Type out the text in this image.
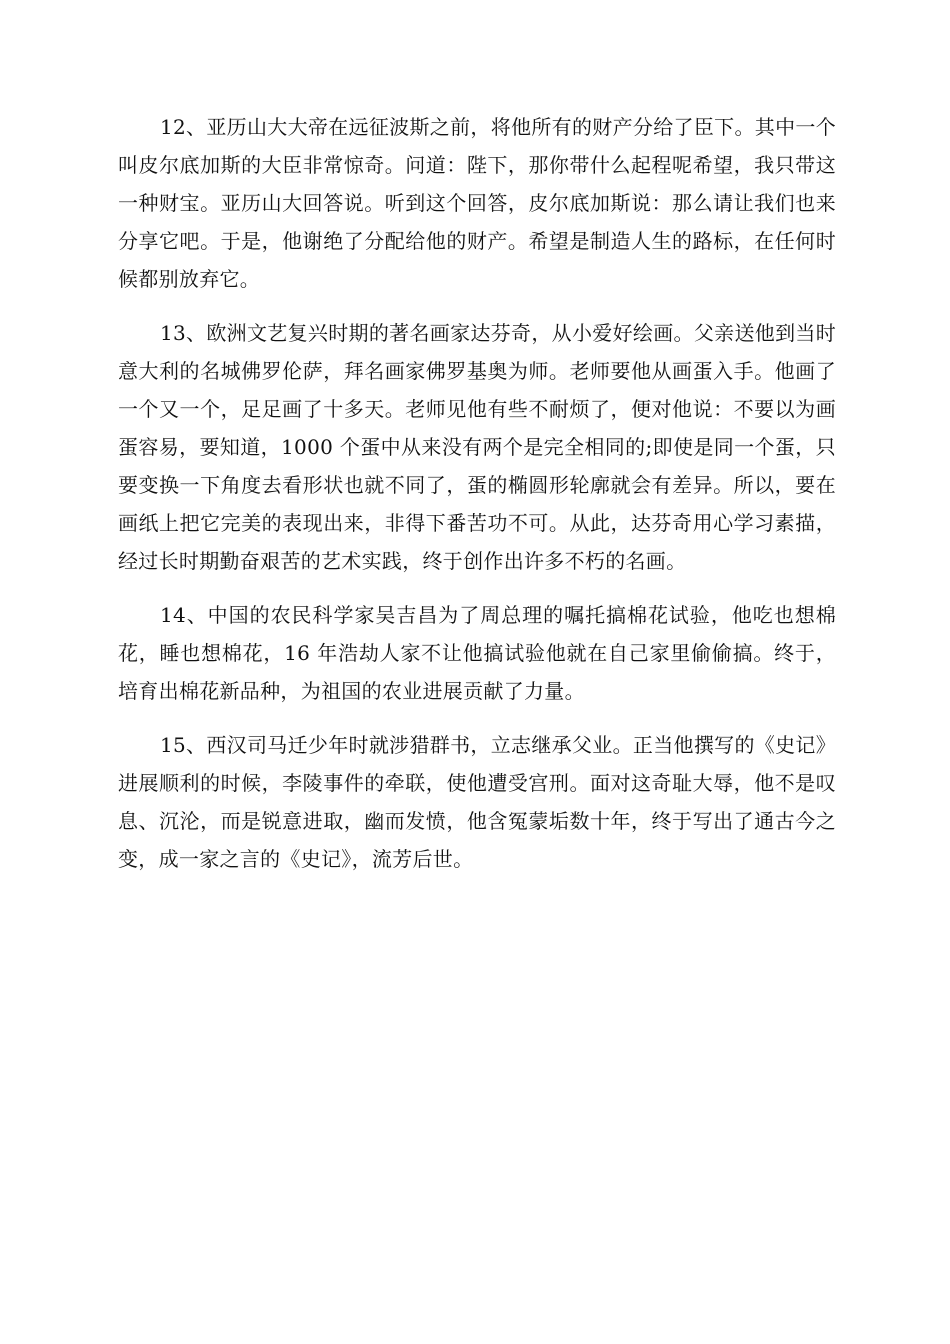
12、亚历山大大帝在远征波斯之前，将他所有的财产分给了臣下。其中一个叫皮尔底加斯的大臣非常惊奇。问道：陛下，那你带什么起程呢希望，我只带这一种财宝。亚历山大回答说。听到这个回答，皮尔底加斯说：那么请让我们也来分享它吧。于是，他谢绝了分配给他的财产。希望是制造人生的路标，在任何时候都别放弃它。

13、欧洲文艺复兴时期的著名画家达芬奇，从小爱好绘画。父亲送他到当时意大利的名城佛罗伦萨，拜名画家佛罗基奥为师。老师要他从画蛋入手。他画了一个又一个，足足画了十多天。老师见他有些不耐烦了，便对他说：不要以为画蛋容易，要知道，1000 个蛋中从来没有两个是完全相同的;即使是同一个蛋，只要变换一下角度去看形状也就不同了，蛋的椭圆形轮廓就会有差异。所以，要在画纸上把它完美的表现出来，非得下番苦功不可。从此，达芬奇用心学习素描，经过长时期勤奋艰苦的艺术实践，终于创作出许多不朽的名画。

14、中国的农民科学家吴吉昌为了周总理的嘱托搞棉花试验，他吃也想棉花，睡也想棉花，16 年浩劫人家不让他搞试验他就在自己家里偷偷搞。终于，培育出棉花新品种，为祖国的农业进展贡献了力量。

15、西汉司马迁少年时就涉猎群书，立志继承父业。正当他撰写的《史记》进展顺利的时候，李陵事件的牵联，使他遭受宫刑。面对这奇耻大辱，他不是叹息、沉沦，而是锐意进取，幽而发愤，他含冤蒙垢数十年，终于写出了通古今之变，成一家之言的《史记》，流芳后世。
